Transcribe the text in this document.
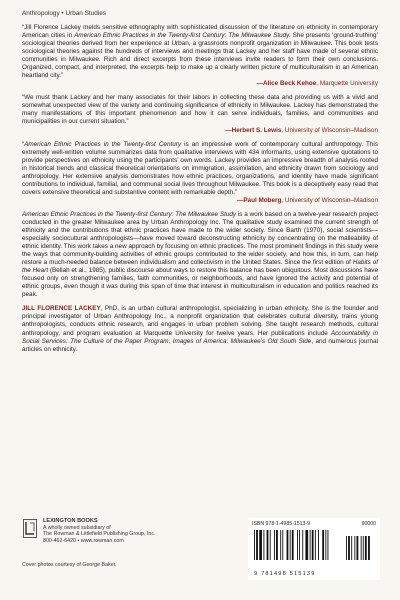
Anthropology • Urban Studies

“Jill Florence Lackey melds sensitive ethnography with sophisticated discussion of the literature on ethnicity in contemporary American cities in American Ethnic Practices in the Twenty-first Century: The Milwaukee Study. She presents ‘ground-truthing’ sociological theories derived from her experience at Urban, a grassroots nonprofit organization in Milwaukee. This book tests sociological theories against the hundreds of interviews and meetings that Lackey and her staff have made of several ethnic communities in Milwaukee. Rich and direct excerpts from these interviews invite readers to form their own conclusions. Organized, compact, and interpreted, the excerpts help to make up a clearly written picture of multiculturalism in an American heartland city.”

—Alice Beck Kehoe, Marquette University

“We must thank Lackey and her many associates for their labors in collecting these data and providing us with a vivid and somewhat unexpected view of the variety and continuing significance of ethnicity in Milwaukee. Lackey has demonstrated the many manifestations of this important phenomenon and how it can serve individuals, families, and communities and municipalities in our current situation.”

—Herbert S. Lewis, University of Wisconsin–Madison

“American Ethnic Practices in the Twenty-first Century is an impressive work of contemporary cultural anthropology. This extremely well-written volume summarizes data from qualitative interviews with 434 informants, using extensive quotations to provide perspectives on ethnicity using the participants’ own words. Lackey provides an impressive breadth of analysis rooted in historical trends and classical theoretical orientations on immigration, assimilation, and ethnicity drawn from sociology and anthropology. Her extensive analysis demonstrates how ethnic practices, organizations, and identity have made significant contributions to individual, familial, and communal social lives throughout Milwaukee. This book is a deceptively easy read that covers extensive theoretical and substantive content with remarkable depth.”

—Paul Moberg, University of Wisconsin–Madison

American Ethnic Practices in the Twenty-first Century: The Milwaukee Study is a work based on a twelve-year research project conducted in the greater Milwaukee area by Urban Anthropology Inc. The qualitative study examined the current strength of ethnicity and the contributions that ethnic practices have made to the wider society. Since Barth (1970), social scientists—especially sociocultural anthropologists—have moved toward deconstructing ethnicity by concentrating on the malleability of ethnic identity. This work takes a new approach by focusing on ethnic practices. The most prominent findings in this study were the ways that community-building activities of ethnic groups contributed to the wider society, and how this, in turn, can help restore a much-needed balance between individualism and collectivism in the United States. Since the first edition of Habits of the Heart (Bellah et al., 1985), public discourse about ways to restore this balance has been ubiquitous. Most discussions have focused only on strengthening families, faith communities, or neighborhoods, and have ignored the activity and potential of ethnic groups, even though it was during this span of time that interest in multiculturalism in education and politics reached its peak.

JILL FLORENCE LACKEY, PhD, is an urban cultural anthropologist, specializing in urban ethnicity. She is the founder and principal investigator of Urban Anthropology Inc., a nonprofit organization that celebrates cultural diversity, trains young anthropologists, conducts ethnic research, and engages in urban problem solving. She taught research methods, cultural anthropology, and program evaluation at Marquette University for twelve years. Her publications include Accountability in Social Services: The Culture of the Paper Program, Images of America: Milwaukee’s Old South Side, and numerous journal articles on ethnicity.

LEXINGTON BOOKS
A wholly owned subsidiary of
The Rowman & Littlefield Publishing Group, Inc.
800-462-6420 • www.rowman.com
Cover photos courtesy of George Baker.
ISBN 978-1-4985-1513-9	90000
9 781498 515139
